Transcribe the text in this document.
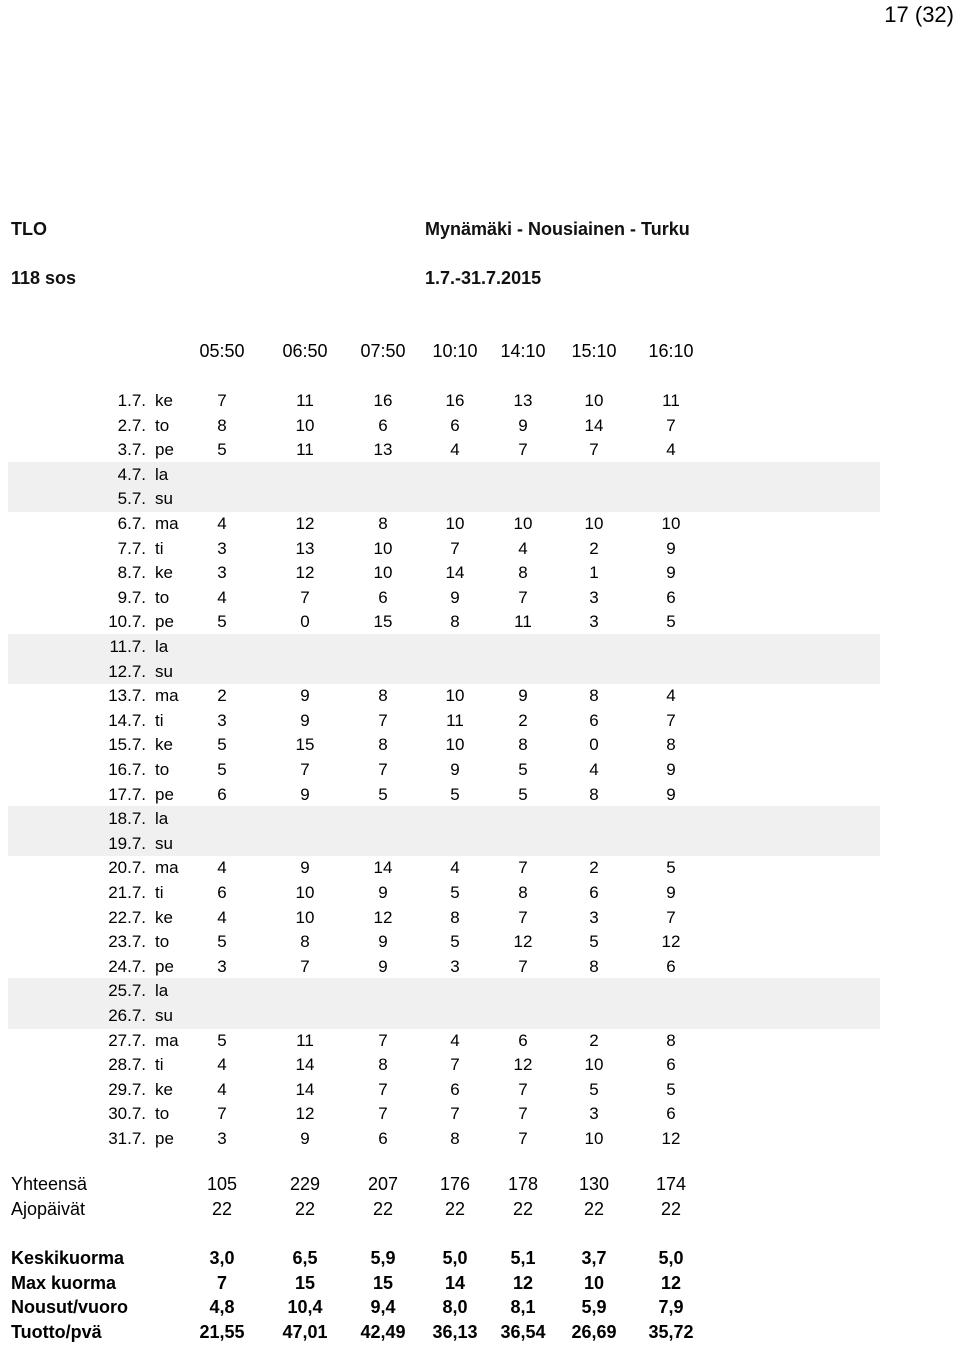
17 (32)
TLO
118 sos
Mynämäki - Nousiainen - Turku
1.7.-31.7.2015
05:50	06:50	07:50	10:10	14:10	15:10	16:10
1.7. ke	7	11	16	16	13	10	11
2.7. to	8	10	6	6	9	14	7
3.7. pe	5	11	13	4	7	7	4
4.7. la
5.7. su
6.7. ma	4	12	8	10	10	10	10
7.7. ti	3	13	10	7	4	2	9
8.7. ke	3	12	10	14	8	1	9
9.7. to	4	7	6	9	7	3	6
10.7. pe	5	0	15	8	11	3	5
11.7. la
12.7. su
13.7. ma	2	9	8	10	9	8	4
14.7. ti	3	9	7	11	2	6	7
15.7. ke	5	15	8	10	8	0	8
16.7. to	5	7	7	9	5	4	9
17.7. pe	6	9	5	5	5	8	9
18.7. la
19.7. su
20.7. ma	4	9	14	4	7	2	5
21.7. ti	6	10	9	5	8	6	9
22.7. ke	4	10	12	8	7	3	7
23.7. to	5	8	9	5	12	5	12
24.7. pe	3	7	9	3	7	8	6
25.7. la
26.7. su
27.7. ma	5	11	7	4	6	2	8
28.7. ti	4	14	8	7	12	10	6
29.7. ke	4	14	7	6	7	5	5
30.7. to	7	12	7	7	7	3	6
31.7. pe	3	9	6	8	7	10	12
Yhteensä	105	229	207	176	178	130	174
Ajopäivät	22	22	22	22	22	22	22
Keskikuorma	3,0	6,5	5,9	5,0	5,1	3,7	5,0
Max kuorma	7	15	15	14	12	10	12
Nousut/vuoro	4,8	10,4	9,4	8,0	8,1	5,9	7,9
Tuotto/pvä	21,55	47,01	42,49	36,13	36,54	26,69	35,72
